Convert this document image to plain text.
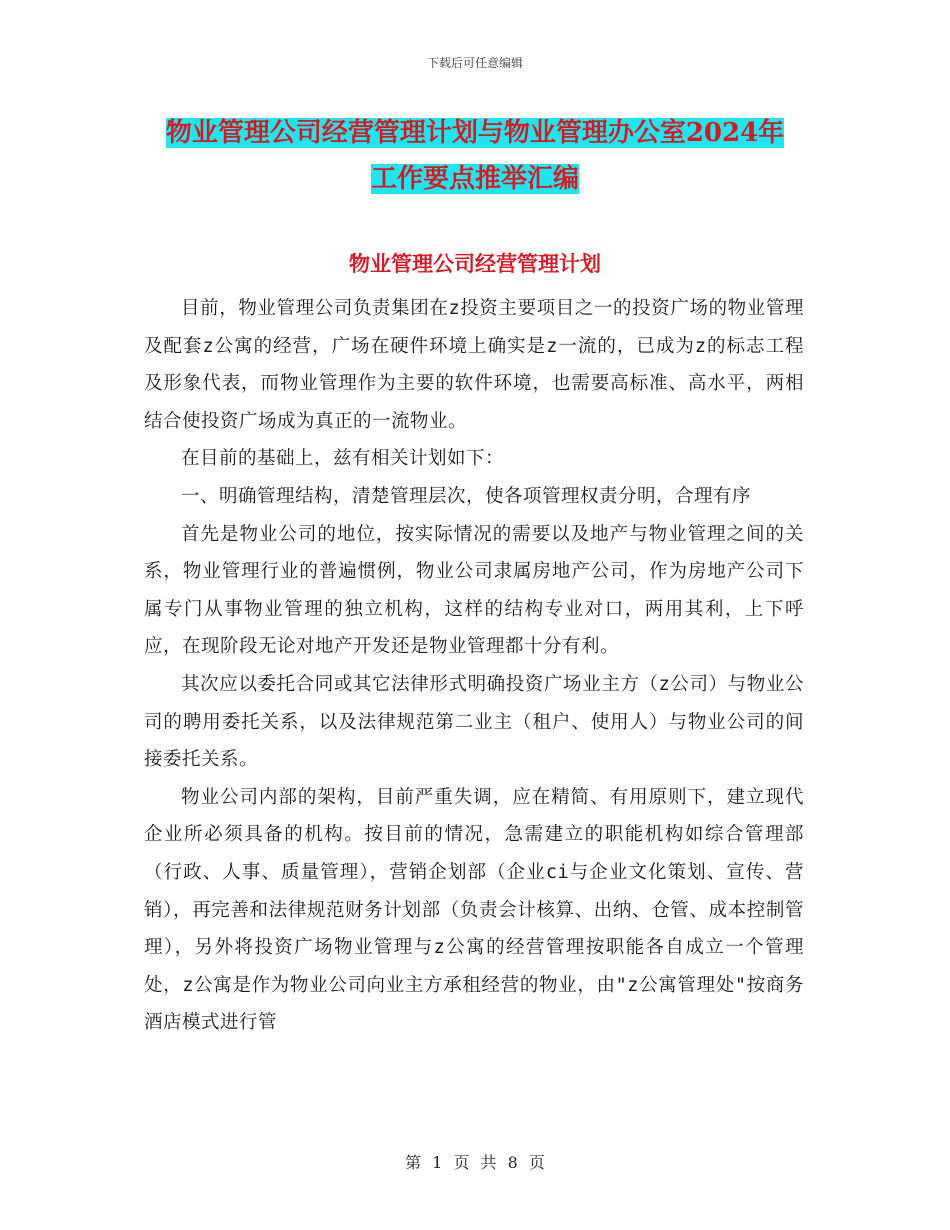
下载后可任意编辑
物业管理公司经营管理计划与物业管理办公室2024年
工作要点推举汇编
物业管理公司经营管理计划

目前，物业管理公司负责集团在z投资主要项目之一的投资广场的物业管理及配套z公寓的经营，广场在硬件环境上确实是z一流的，已成为z的标志工程及形象代表，而物业管理作为主要的软件环境，也需要高标准、高水平，两相结合使投资广场成为真正的一流物业。

在目前的基础上，兹有相关计划如下：

一、明确管理结构，清楚管理层次，使各项管理权责分明，合理有序

首先是物业公司的地位，按实际情况的需要以及地产与物业管理之间的关系，物业管理行业的普遍惯例，物业公司隶属房地产公司，作为房地产公司下属专门从事物业管理的独立机构，这样的结构专业对口，两用其利，上下呼应，在现阶段无论对地产开发还是物业管理都十分有利。

其次应以委托合同或其它法律形式明确投资广场业主方（z公司）与物业公司的聘用委托关系，以及法律规范第二业主（租户、使用人）与物业公司的间接委托关系。

物业公司内部的架构，目前严重失调，应在精简、有用原则下，建立现代企业所必须具备的机构。按目前的情况，急需建立的职能机构如综合管理部（行政、人事、质量管理），营销企划部（企业ci与企业文化策划、宣传、营销），再完善和法律规范财务计划部（负责会计核算、出纳、仓管、成本控制管理），另外将投资广场物业管理与z公寓的经营管理按职能各自成立一个管理处，z公寓是作为物业公司向业主方承租经营的物业，由"z公寓管理处"按商务酒店模式进行管

第 1 页 共 8 页
